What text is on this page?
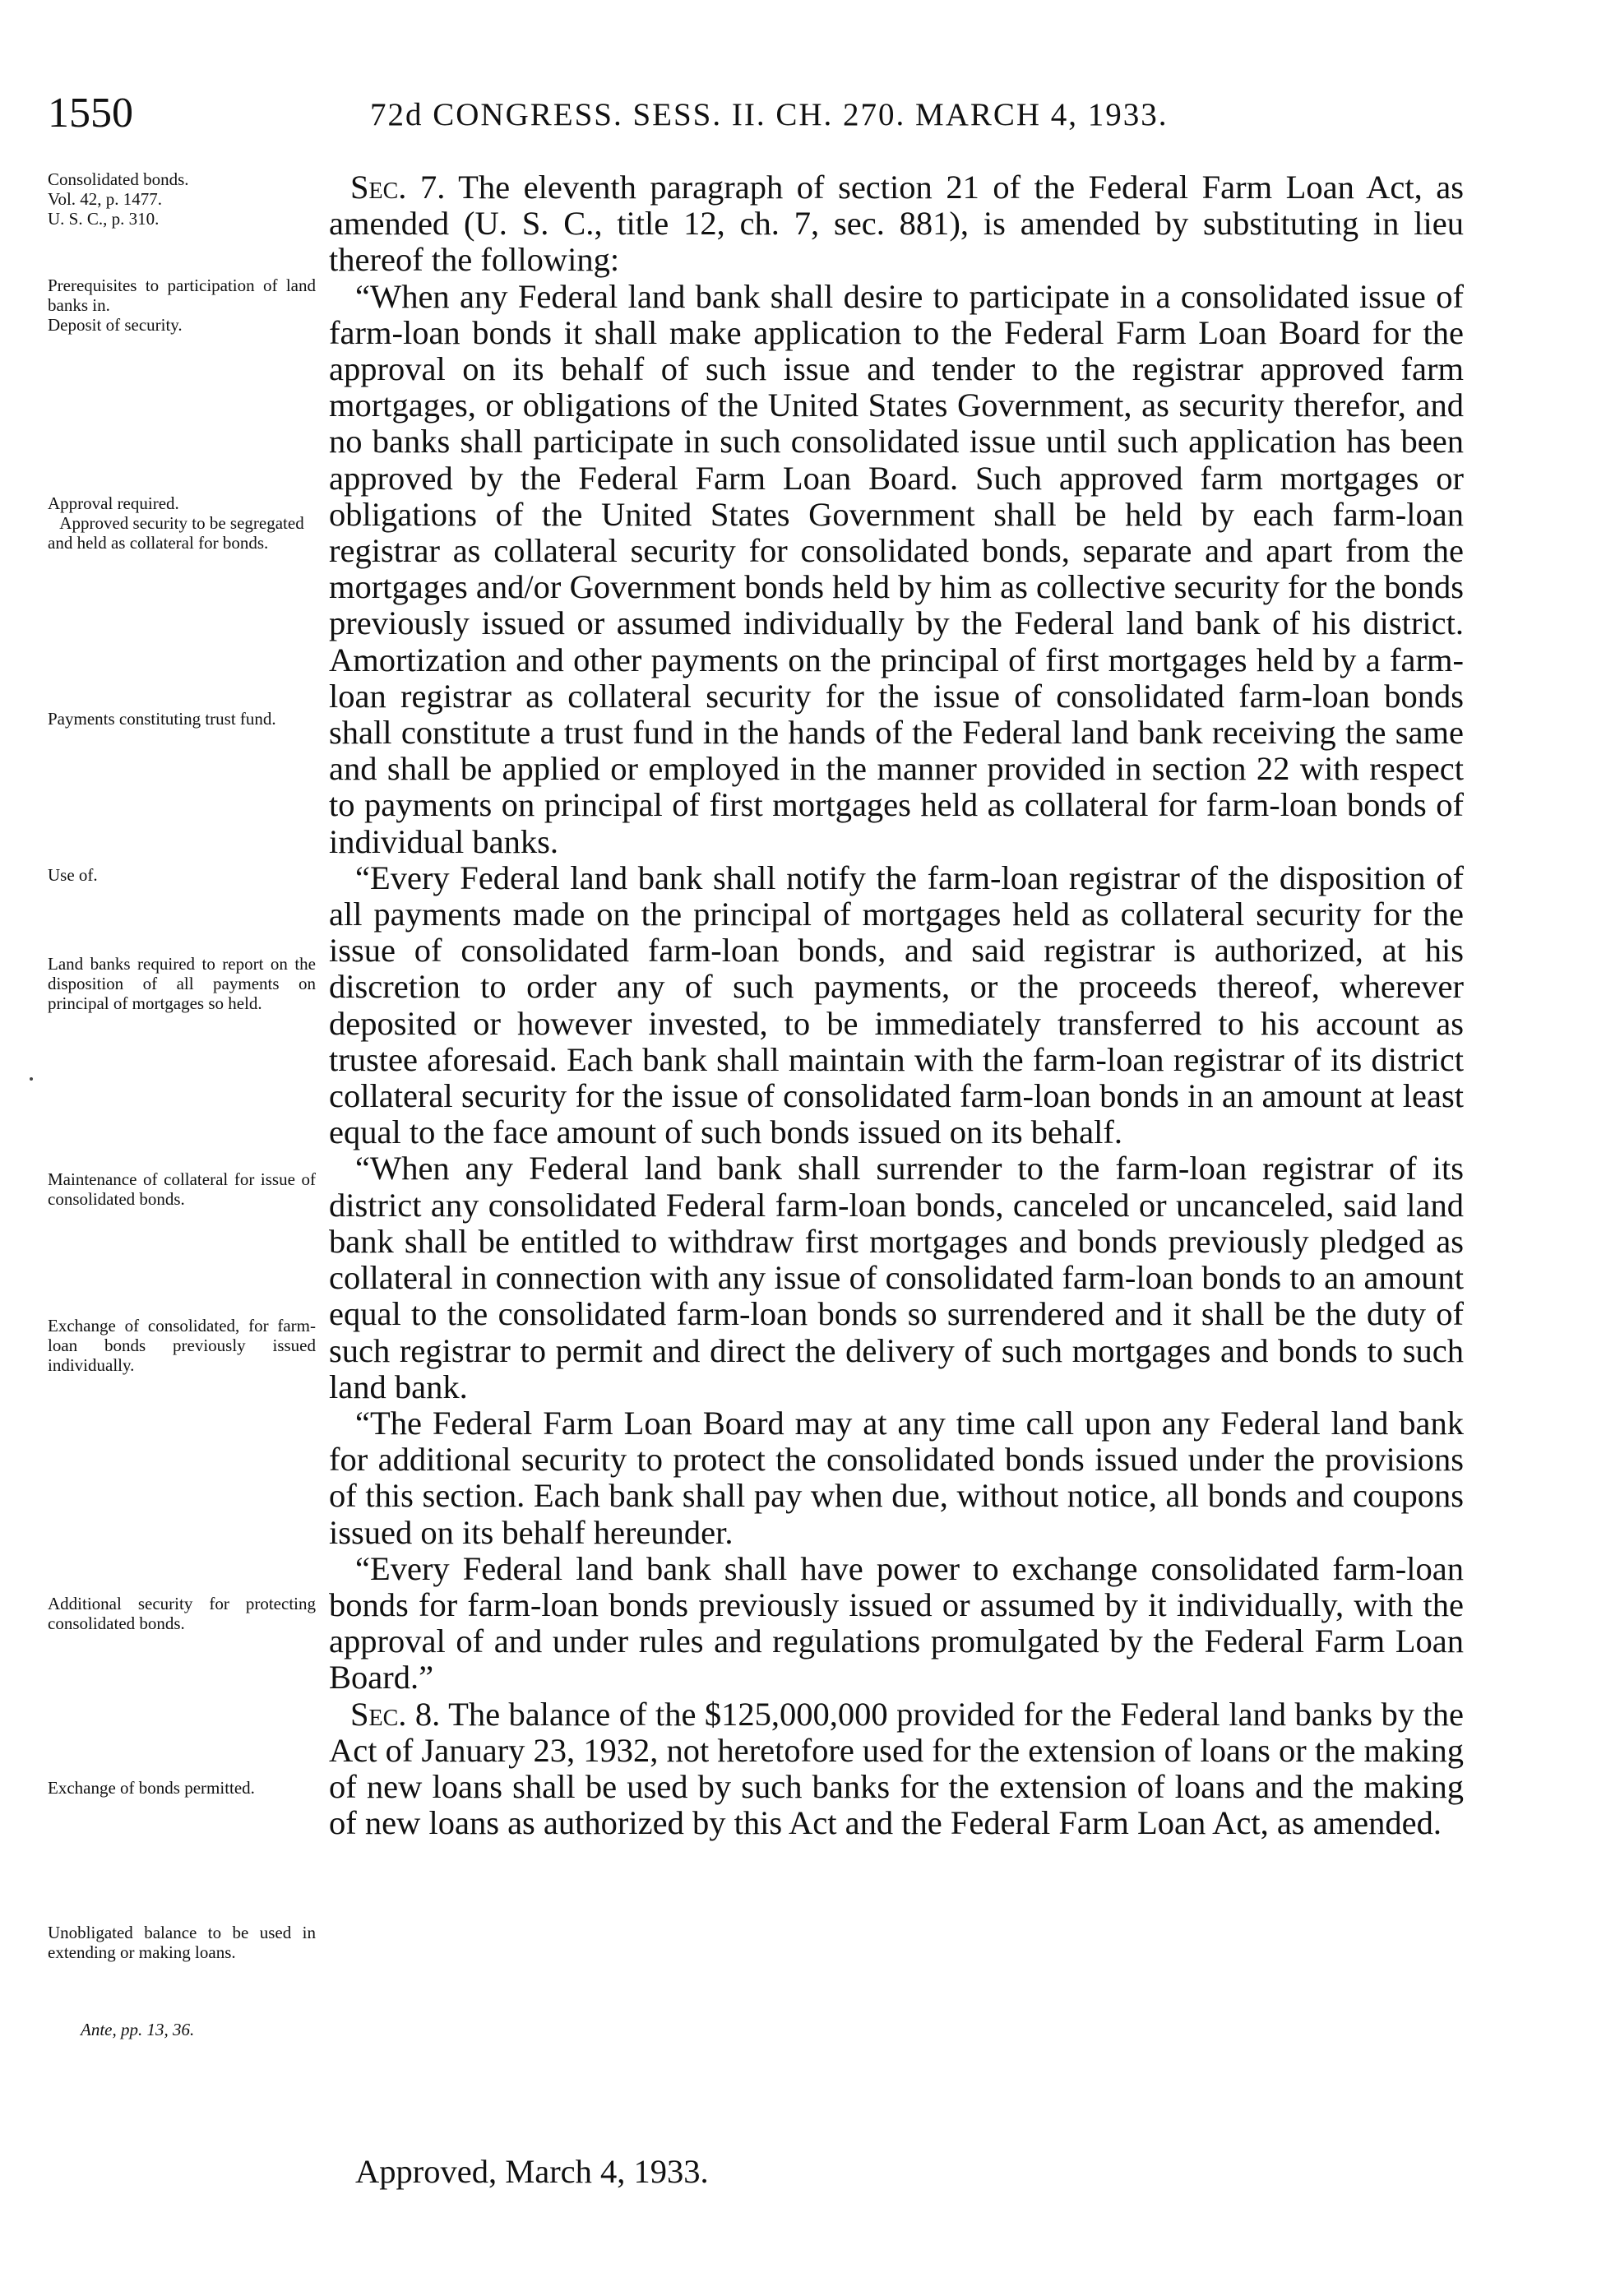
1550	72d CONGRESS. SESS. II. CH. 270. MARCH 4, 1933.
Consolidated bonds.
Vol. 42, p. 1477.
U. S. C., p. 310.
Prerequisites to participation of land banks in.
Deposit of security.
Approval required.
Approved security to be segregated and held as collateral for bonds.
Payments constituting trust fund.
Use of.
Land banks required to report on the disposition of all payments on principal of mortgages so held.
Maintenance of collateral for issue of consolidated bonds.
Exchange of consolidated, for farm-loan bonds previously issued individually.
Additional security for protecting consolidated bonds.
Exchange of bonds permitted.
Unobligated balance to be used in extending or making loans.
Ante, pp. 13, 36.

Sec. 7. The eleventh paragraph of section 21 of the Federal Farm Loan Act, as amended (U. S. C., title 12, ch. 7, sec. 881), is amended by substituting in lieu thereof the following:

“When any Federal land bank shall desire to participate in a consolidated issue of farm-loan bonds it shall make application to the Federal Farm Loan Board for the approval on its behalf of such issue and tender to the registrar approved farm mortgages, or obligations of the United States Government, as security therefor, and no banks shall participate in such consolidated issue until such application has been approved by the Federal Farm Loan Board. Such approved farm mortgages or obligations of the United States Government shall be held by each farm-loan registrar as collateral security for consolidated bonds, separate and apart from the mortgages and/or Government bonds held by him as collective security for the bonds previously issued or assumed individually by the Federal land bank of his district. Amortization and other payments on the principal of first mortgages held by a farm-loan registrar as collateral security for the issue of consolidated farm-loan bonds shall constitute a trust fund in the hands of the Federal land bank receiving the same and shall be applied or employed in the manner provided in section 22 with respect to payments on principal of first mortgages held as collateral for farm-loan bonds of individual banks.

“Every Federal land bank shall notify the farm-loan registrar of the disposition of all payments made on the principal of mortgages held as collateral security for the issue of consolidated farm-loan bonds, and said registrar is authorized, at his discretion to order any of such payments, or the proceeds thereof, wherever deposited or however invested, to be immediately transferred to his account as trustee aforesaid. Each bank shall maintain with the farm-loan registrar of its district collateral security for the issue of consolidated farm-loan bonds in an amount at least equal to the face amount of such bonds issued on its behalf.

“When any Federal land bank shall surrender to the farm-loan registrar of its district any consolidated Federal farm-loan bonds, canceled or uncanceled, said land bank shall be entitled to withdraw first mortgages and bonds previously pledged as collateral in connection with any issue of consolidated farm-loan bonds to an amount equal to the consolidated farm-loan bonds so surrendered and it shall be the duty of such registrar to permit and direct the delivery of such mortgages and bonds to such land bank.

“The Federal Farm Loan Board may at any time call upon any Federal land bank for additional security to protect the consolidated bonds issued under the provisions of this section. Each bank shall pay when due, without notice, all bonds and coupons issued on its behalf hereunder.

“Every Federal land bank shall have power to exchange consolidated farm-loan bonds for farm-loan bonds previously issued or assumed by it individually, with the approval of and under rules and regulations promulgated by the Federal Farm Loan Board.”

Sec. 8. The balance of the $125,000,000 provided for the Federal land banks by the Act of January 23, 1932, not heretofore used for the extension of loans or the making of new loans shall be used by such banks for the extension of loans and the making of new loans as authorized by this Act and the Federal Farm Loan Act, as amended.

Approved, March 4, 1933.
